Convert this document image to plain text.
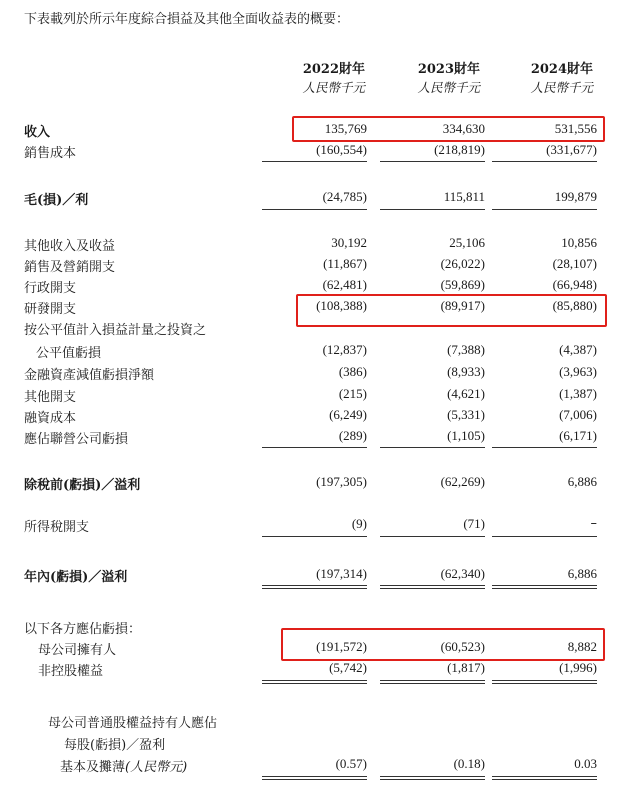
下表載列於所示年度綜合損益及其他全面收益表的概要：
2022財年	2023財年	2024財年
人民幣千元	人民幣千元	人民幣千元
收入	135,769	334,630	531,556
銷售成本	(160,554)	(218,819)	(331,677)
毛(損)／利	(24,785)	115,811	199,879
其他收入及收益	30,192	25,106	10,856
銷售及營銷開支	(11,867)	(26,022)	(28,107)
行政開支	(62,481)	(59,869)	(66,948)
研發開支	(108,388)	(89,917)	(85,880)
按公平值計入損益計量之投資之
公平值虧損	(12,837)	(7,388)	(4,387)
金融資產減值虧損淨額	(386)	(8,933)	(3,963)
其他開支	(215)	(4,621)	(1,387)
融資成本	(6,249)	(5,331)	(7,006)
應佔聯營公司虧損	(289)	(1,105)	(6,171)
除稅前(虧損)／溢利	(197,305)	(62,269)	6,886
所得稅開支	(9)	(71)	–
年內(虧損)／溢利	(197,314)	(62,340)	6,886
以下各方應佔虧損：
母公司擁有人	(191,572)	(60,523)	8,882
非控股權益	(5,742)	(1,817)	(1,996)
母公司普通股權益持有人應佔
每股(虧損)／盈利
基本及攤薄(人民幣元)	(0.57)	(0.18)	0.03
